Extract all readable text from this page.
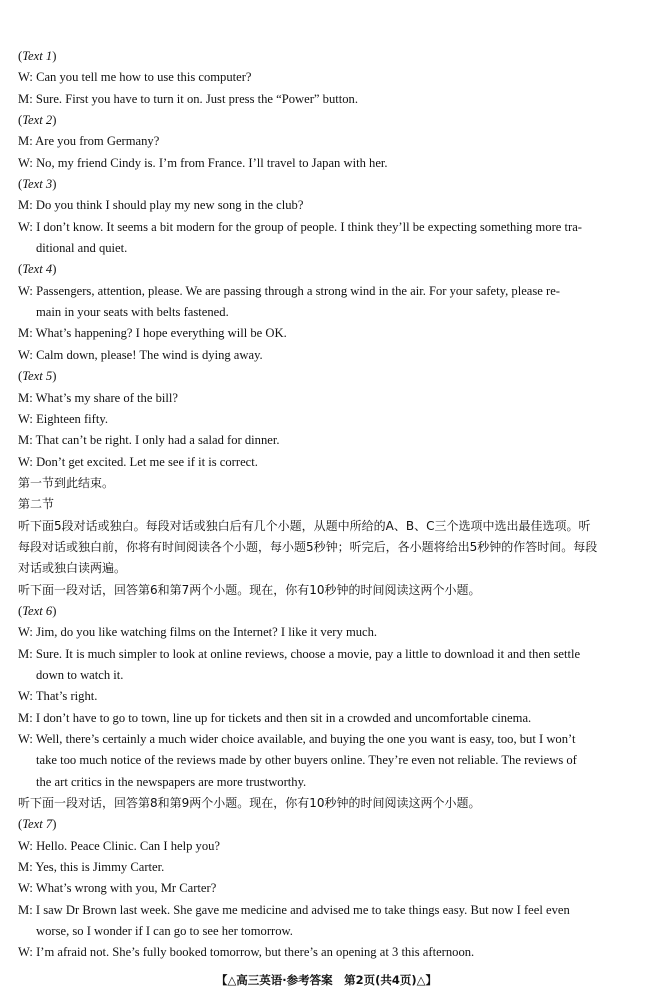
(Text 1)
W: Can you tell me how to use this computer?
M: Sure. First you have to turn it on. Just press the “Power” button.
(Text 2)
M: Are you from Germany?
W: No, my friend Cindy is. I’m from France. I’ll travel to Japan with her.
(Text 3)
M: Do you think I should play my new song in the club?
W: I don’t know. It seems a bit modern for the group of people. I think they’ll be expecting something more tra-
ditional and quiet.
(Text 4)
W: Passengers, attention, please. We are passing through a strong wind in the air. For your safety, please re-
main in your seats with belts fastened.
M: What’s happening? I hope everything will be OK.
W: Calm down, please! The wind is dying away.
(Text 5)
M: What’s my share of the bill?
W: Eighteen fifty.
M: That can’t be right. I only had a salad for dinner.
W: Don’t get excited. Let me see if it is correct.
第一节到此结束。
第二节
听下面5段对话或独白。每段对话或独白后有几个小题，从题中所给的A、B、C三个选项中选出最佳选项。听
每段对话或独白前，你将有时间阅读各个小题，每小题5秒钟；听完后，各小题将给出5秒钟的作答时间。每段
对话或独白读两遍。
听下面一段对话，回答第6和第7两个小题。现在，你有10秒钟的时间阅读这两个小题。
(Text 6)
W: Jim, do you like watching films on the Internet? I like it very much.
M: Sure. It is much simpler to look at online reviews, choose a movie, pay a little to download it and then settle
down to watch it.
W: That’s right.
M: I don’t have to go to town, line up for tickets and then sit in a crowded and uncomfortable cinema.
W: Well, there’s certainly a much wider choice available, and buying the one you want is easy, too, but I won’t
take too much notice of the reviews made by other buyers online. They’re even not reliable. The reviews of
the art critics in the newspapers are more trustworthy.
听下面一段对话，回答第8和第9两个小题。现在，你有10秒钟的时间阅读这两个小题。
(Text 7)
W: Hello. Peace Clinic. Can I help you?
M: Yes, this is Jimmy Carter.
W: What’s wrong with you, Mr Carter?
M: I saw Dr Brown last week. She gave me medicine and advised me to take things easy. But now I feel even
worse, so I wonder if I can go to see her tomorrow.
W: I’m afraid not. She’s fully booked tomorrow, but there’s an opening at 3 this afternoon.
【△高三英语·参考答案　第2页(共4页)△】
